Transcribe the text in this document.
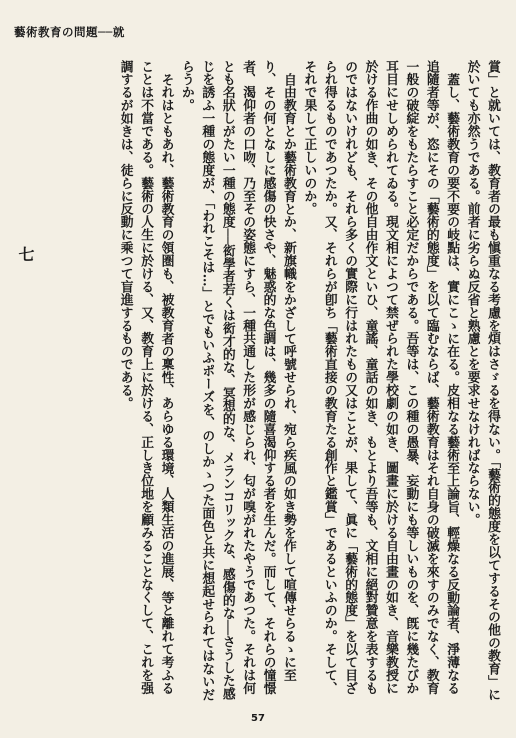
藝術教育の問題──就
七	賞」と就いては、教育者の最も愼重なる考慮を煩はさゞるを得ない。「藝術的態度を以てするその他の教育」に於いても亦然うである。前者に劣らぬ反省と熟慮とを要求せなければならない。

蓋し、藝術教育の要不要の岐點は、實にこゝに在る。皮相なる藝術至上論旨、輕燥なる反動論者、淨薄なる追隨者等が、恣にその「藝術的態度」を以て臨むならば、藝術教育はそれ自身の破滅を來すのみでなく、教育一般の破綻をもたらすこと必定だからである。吾等は、この種の愚暴、妄動にも等しいものを、旣に幾たびか耳目にせしめられてゐる。現文相によつて禁ぜられた學校劇の如き、圖畫に於ける自由畫の如き、音樂教授に於ける作曲の如き、その他自由作文といひ、童謠、童話の如き、もとより吾等も、文相に絕對贊意を表するものではないけれども、それら多くの實際に行はれたもの又はことが、果して、眞に「藝術的態度」を以て目ざられ得るものであつたか。又、それらが卽ち「藝術直接の教育たる創作と鑑賞」であるといふのか。そして、それで果して正しいのか。

自由教育とか藝術教育とか、新旗幟をかざして呼號せられ、宛ら疾風の如き勢を作して喧傳せらるゝに至り、その何となしに感傷の快さや、魅惑的な色調は、幾多の隨喜渴仰する者を生んだ。而して、それらの憧憬者、渴仰者の口吻、乃至その姿態にすら、一種共通した形が感じられ、匂が嗅がれたやうであつた。それは何とも名狀しがたい一種の態度──衒學者若くは衒才的な、冥想的な、メランコリックな、感傷的な──さうした感じを誘ふ一種の態度が、「われこそは…」とでもいふポーズを、のしかゝつた面色と共に想起せられてはないだらうか。

それはともあれ、藝術教育の領圏も、被教育者の稟性、あらゆる環境、人類生活の進展、等と離れて考ふることは不當である。藝術の人生に於ける、又、教育上に於ける、正しき位地を顧みることなくして、これを强調するが如きは、徒らに反動に乘つて盲進するものである。

57
